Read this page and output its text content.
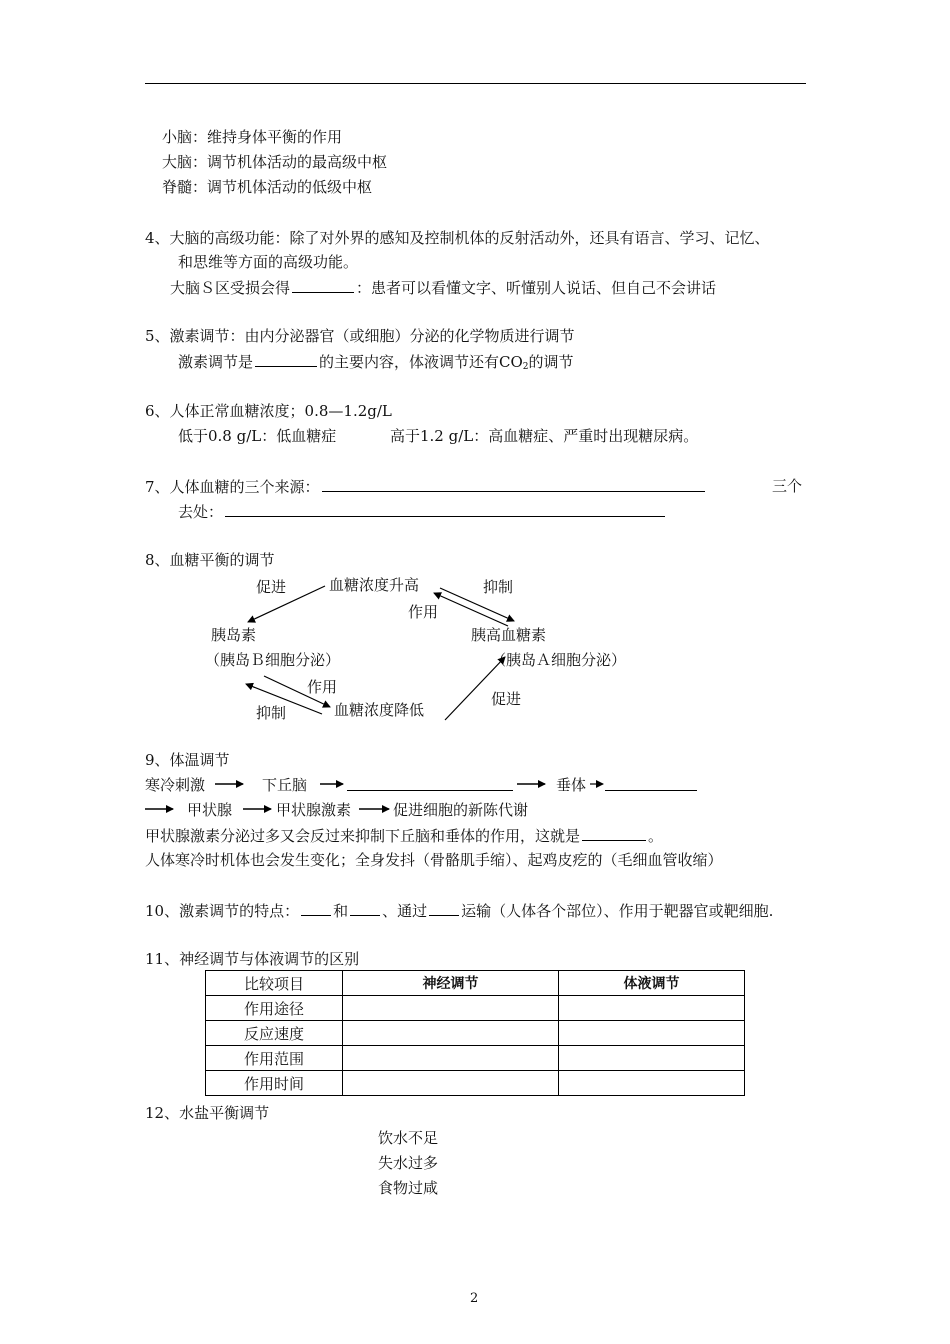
小脑：维持身体平衡的作用
大脑：调节机体活动的最高级中枢
脊髓：调节机体活动的低级中枢
4、大脑的高级功能：除了对外界的感知及控制机体的反射活动外，还具有语言、学习、记忆、
和思维等方面的高级功能。
大脑Ｓ区受损会得	：患者可以看懂文字、听懂别人说话、但自己不会讲话
5、激素调节：由内分泌器官（或细胞）分泌的化学物质进行调节
激素调节是	的主要内容，体液调节还有$CO_2$的调节
6、人体正常血糖浓度；0.8—1.2g/L
低于0.8 g/L：低血糖症	高于1.2 g/L：高血糖症、严重时出现糖尿病。
7、人体血糖的三个来源：	三个
去处：
8、血糖平衡的调节
促进	血糖浓度升高	抑制
作用
胰岛素
（胰岛Ｂ细胞分泌）
胰高血糖素
（胰岛Ａ细胞分泌）
作用
促进
抑制	血糖浓度降低
9、体温调节
寒冷刺激	下丘脑	垂体
甲状腺	甲状腺激素	促进细胞的新陈代谢
甲状腺激素分泌过多又会反过来抑制下丘脑和垂体的作用，这就是	。
人体寒冷时机体也会发生变化；全身发抖（骨骼肌手缩）、起鸡皮疙的（毛细血管收缩）
10、激素调节的特点： 和 、通过 运输（人体各个部位）、作用于靶器官或靶细胞.
11、神经调节与体液调节的区别
比较项目	神经调节	体液调节
作用途径		
反应速度		
作用范围		
作用时间		
12、水盐平衡调节
饮水不足
失水过多
食物过咸
2
